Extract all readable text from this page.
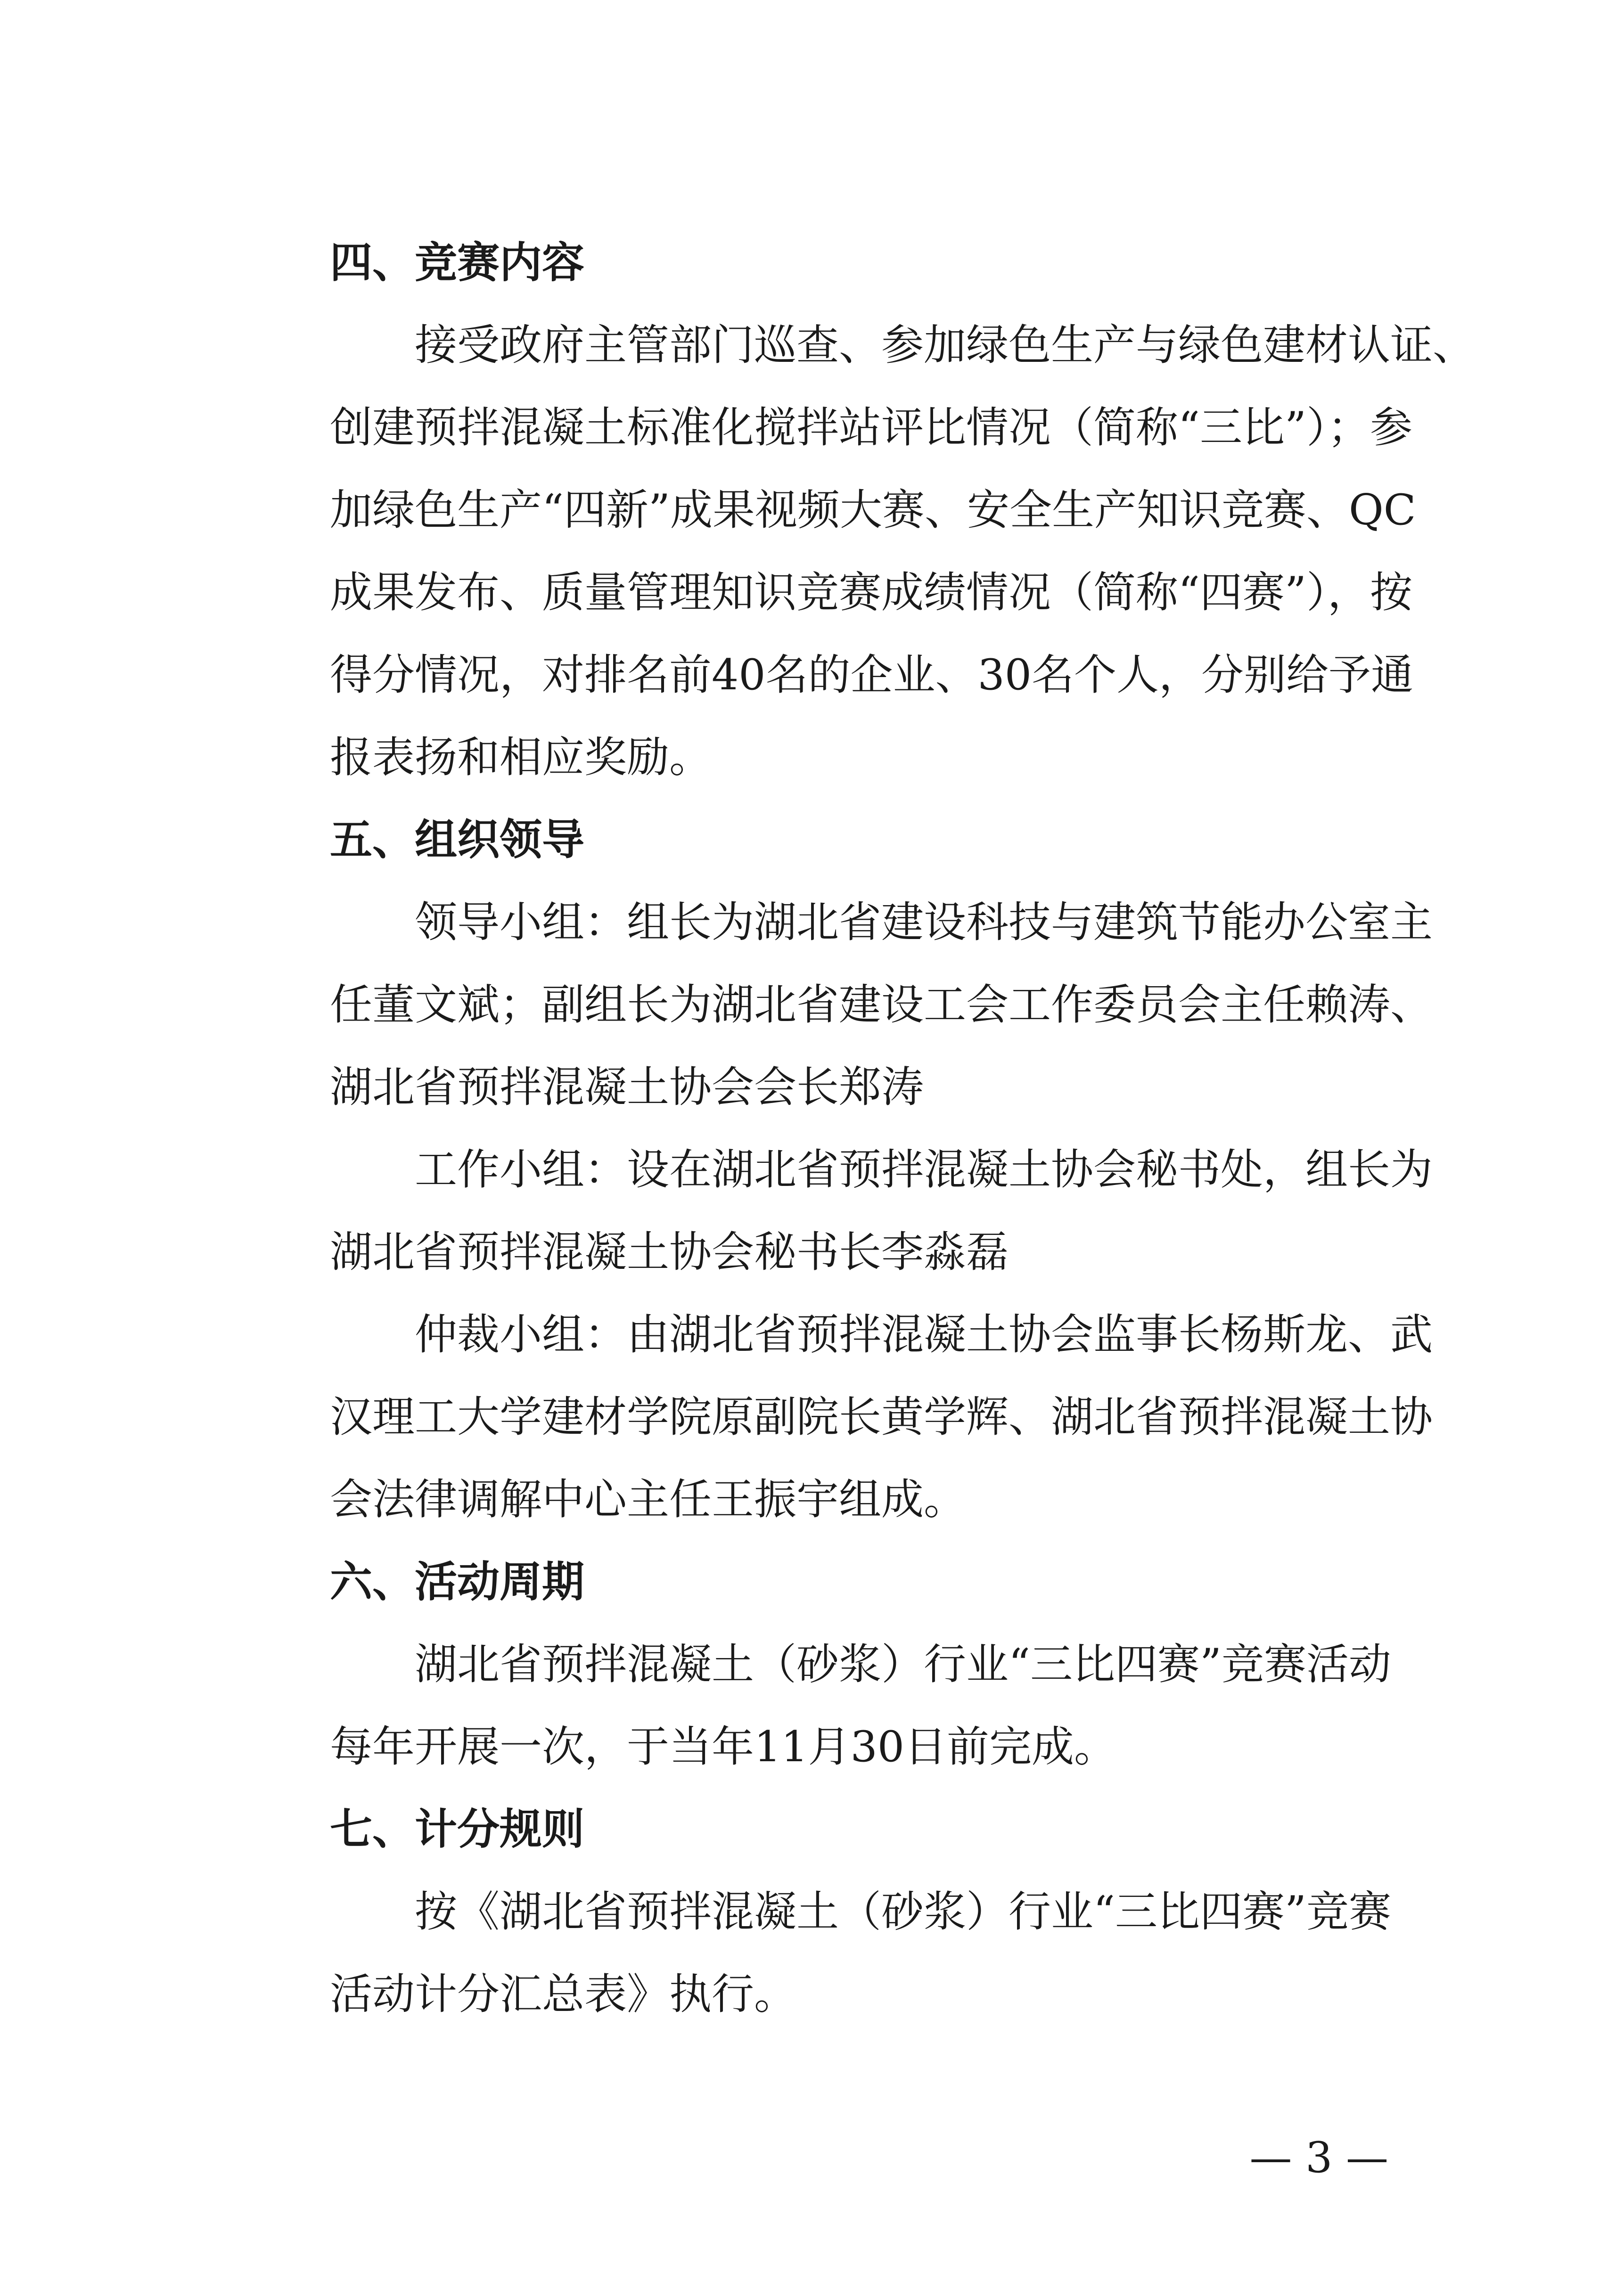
四、竞赛内容
接受政府主管部门巡查、参加绿色生产与绿色建材认证、
创建预拌混凝土标准化搅拌站评比情况（简称“三比”）；参
加绿色生产“四新”成果视频大赛、安全生产知识竞赛、QC
成果发布、质量管理知识竞赛成绩情况（简称“四赛”），按
得分情况，对排名前40名的企业、30名个人，分别给予通
报表扬和相应奖励。
五、组织领导
领导小组：组长为湖北省建设科技与建筑节能办公室主
任董文斌；副组长为湖北省建设工会工作委员会主任赖涛、
湖北省预拌混凝土协会会长郑涛
工作小组：设在湖北省预拌混凝土协会秘书处，组长为
湖北省预拌混凝土协会秘书长李淼磊
仲裁小组：由湖北省预拌混凝土协会监事长杨斯龙、武
汉理工大学建材学院原副院长黄学辉、湖北省预拌混凝土协
会法律调解中心主任王振宇组成。
六、活动周期
湖北省预拌混凝土（砂浆）行业“三比四赛”竞赛活动
每年开展一次，于当年11月30日前完成。
七、计分规则
按《湖北省预拌混凝土（砂浆）行业“三比四赛”竞赛
活动计分汇总表》执行。
— 3 —
